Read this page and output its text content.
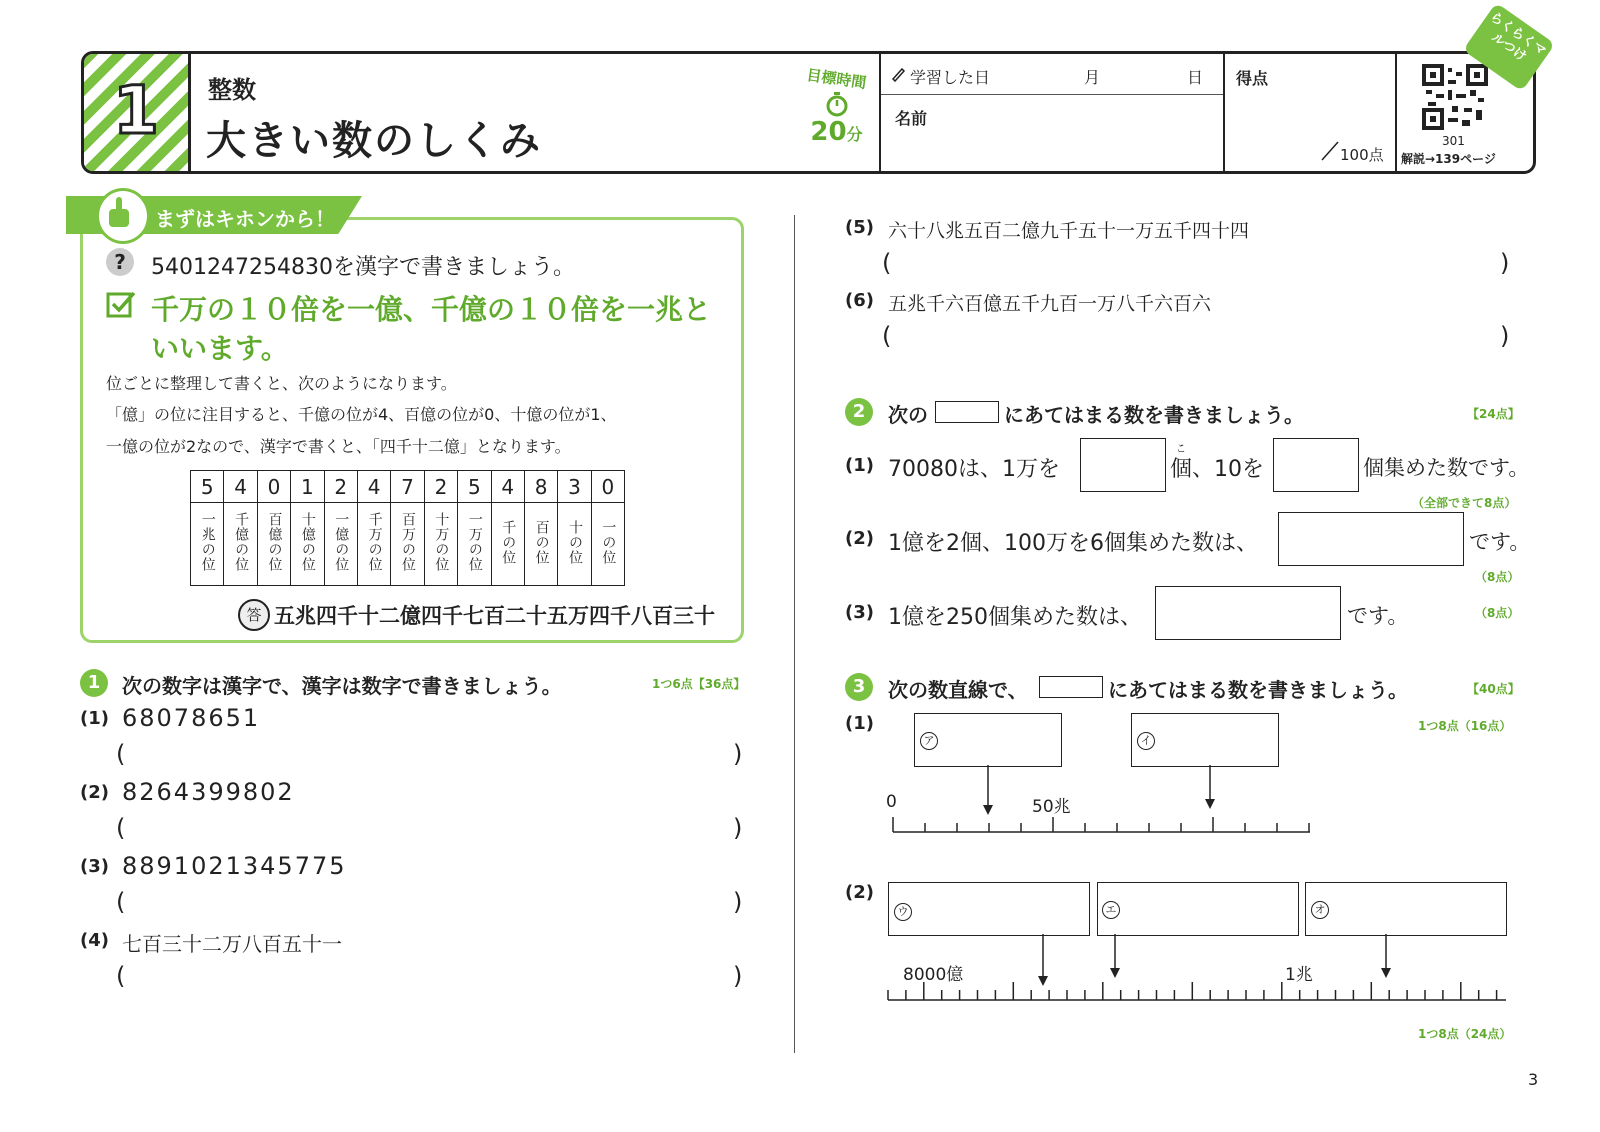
1	整数
大きい数のしくみ
目標時間
20分
学習した日	月	日
名前
得点
100点
301
解説→139ページ
らくらくマルつけ
まずはキホンから！
?	5401247254830を漢字で書きましょう。
千万の１０倍を一億、千億の１０倍を一兆と
いいます。
位ごとに整理して書くと、次のようになります。
「億」の位に注目すると、千億の位が4、百億の位が0、十億の位が1、
一億の位が2なので、漢字で書くと、「四千十二億」となります。
5	4	0	1	2	4	7	2	5	4	8	3	0
一兆の位	千億の位	百億の位	十億の位	一億の位	千万の位	百万の位	十万の位	一万の位	千の位	百の位	十の位	一の位
答 五兆四千十二億四千七百二十五万四千八百三十
1	次の数字は漢字で、漢字は数字で書きましょう。	1つ6点【36点】
(1) 68078651
(	)
(2) 8264399802
(	)
(3) 8891021345775
(	)
(4) 七百三十二万八百五十一
(	)
(5) 六十八兆五百二億九千五十一万五千四十四
(	)
(6) 五兆千六百億五千九百一万八千六百六
(	)
2	次の	にあてはまる数を書きましょう。	【24点】
(1) 70080は、1万を
こ
個、10を	個集めた数です。
（全部できて8点）
(2) 1億を2個、100万を6個集めた数は、	です。
（8点）
(3) 1億を250個集めた数は、	です。	（8点）
3	次の数直線で、	にあてはまる数を書きましょう。	【40点】
(1)	1つ8点（16点）
ア	イ
0	50兆
(2)
ウ	エ	オ
8000億	1兆
1つ8点（24点）
3
